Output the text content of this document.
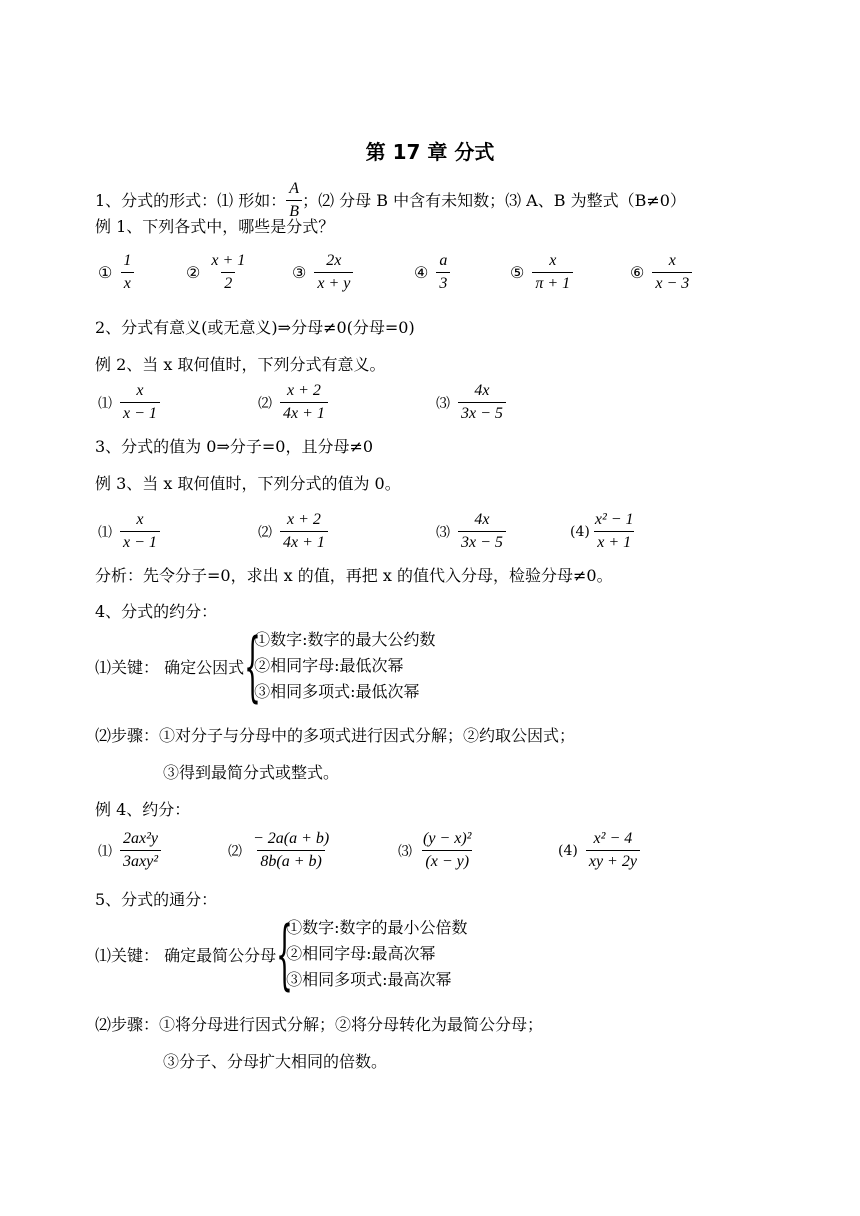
第 17 章 分式
1、分式的形式：⑴ 形如： $\frac{A}{B}$ ；⑵ 分母 B 中含有未知数；⑶ A、B 为整式（B≠0）
例 1、下列各式中，哪些是分式？
① $\frac{1}{x}$	② $\frac{x + 1}{2}$	③ $\frac{2x}{x + y}$	④ $\frac{a}{3}$	⑤ $\frac{x}{\pi + 1}$	⑥ $\frac{x}{x - 3}$
2、分式有意义(或无意义)⇒分母≠0(分母=0)
例 2、当 x 取何值时，下列分式有意义。
⑴ $\frac{x}{x - 1}$	⑵ $\frac{x + 2}{4x + 1}$	⑶ $\frac{4x}{3x - 5}$
3、分式的值为 0⇒分子=0，且分母≠0
例 3、当 x 取何值时，下列分式的值为 0。
⑴ $\frac{x}{x - 1}$	⑵ $\frac{x + 2}{4x + 1}$	⑶ $\frac{4x}{3x - 5}$	$(4) \frac{\text{x² − 1}}{x + 1}$
分析：先令分子=0，求出 x 的值，再把 x 的值代入分母，检验分母≠0。
4、分式的约分：
⑴关键： 确定公因式 {
①数字:数字的最大公约数
②相同字母:最低次幂
③相同多项式:最低次幂
⑵步骤：①对分子与分母中的多项式进行因式分解；②约取公因式；
③得到最简分式或整式。
例 4、约分：
⑴ $\frac{\text{2ax²y}}{\text{3axy²}}$	⑵ $\frac{- 2a(a + b)}{8b(a + b)}$	⑶ $\frac{\text{(y − x)²}}{(x - y)}$	$(4) \frac{\text{x² − 4}}{xy + 2y}$
5、分式的通分：
⑴关键： 确定最简公分母 {
①数字:数字的最小公倍数
②相同字母:最高次幂
③相同多项式:最高次幂
⑵步骤：①将分母进行因式分解；②将分母转化为最简公分母；
③分子、分母扩大相同的倍数。
